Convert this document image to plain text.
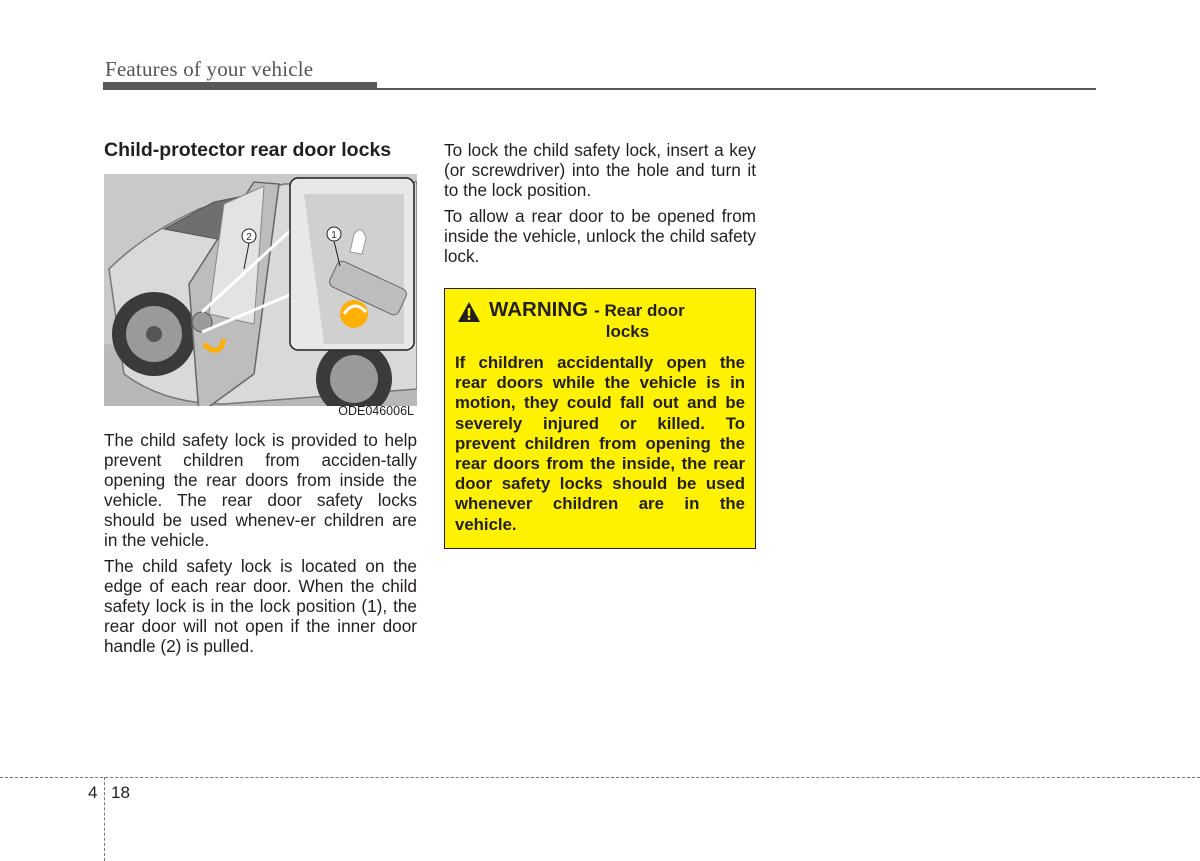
Features of your vehicle
Child-protector rear door locks
2	1
ODE046006L

The child safety lock is provided to help prevent children from acciden-tally opening the rear doors from inside the vehicle. The rear door safety locks should be used whenev-er children are in the vehicle.

The child safety lock is located on the edge of each rear door. When the child safety lock is in the lock position (1), the rear door will not open if the inner door handle (2) is pulled.

To lock the child safety lock, insert a key (or screwdriver) into the hole and turn it to the lock position.

To allow a rear door to be opened from inside the vehicle, unlock the child safety lock.

WARNING - Rear door
locks
If children accidentally open the rear doors while the vehicle is in motion, they could fall out and be severely injured or killed. To prevent children from opening the rear doors from the inside, the rear door safety locks should be used whenever children are in the vehicle.
4 18
